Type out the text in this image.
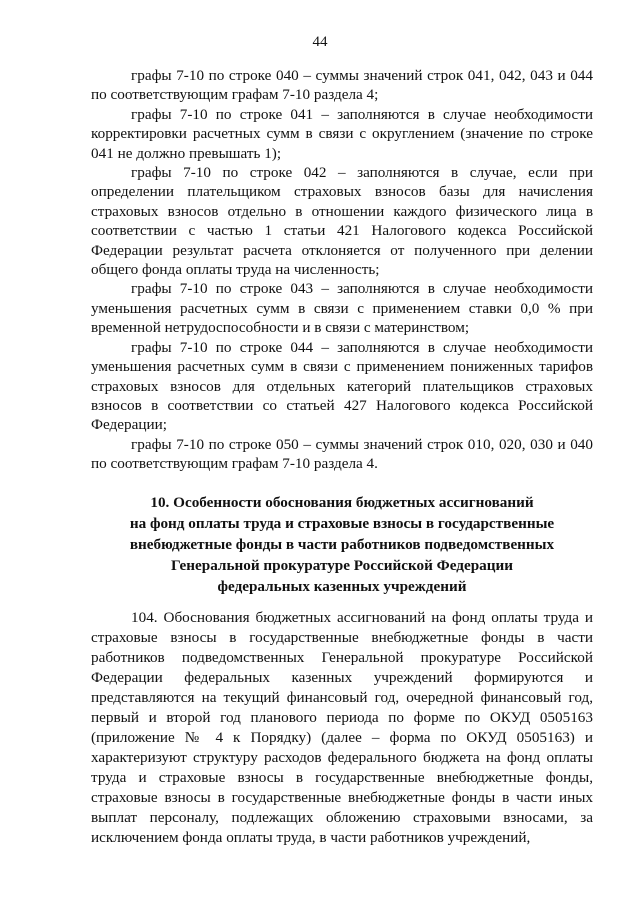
44

графы 7-10 по строке 040 – суммы значений строк 041, 042, 043 и 044 по соответствующим графам 7-10 раздела 4;

графы 7-10 по строке 041 – заполняются в случае необходимости корректировки расчетных сумм в связи с округлением (значение по строке 041 не должно превышать 1);

графы 7-10 по строке 042 – заполняются в случае, если при определении плательщиком страховых взносов базы для начисления страховых взносов отдельно в отношении каждого физического лица в соответствии с частью 1 статьи 421 Налогового кодекса Российской Федерации результат расчета отклоняется от полученного при делении общего фонда оплаты труда на численность;

графы 7-10 по строке 043 – заполняются в случае необходимости уменьшения расчетных сумм в связи с применением ставки 0,0 % при временной нетрудоспособности и в связи с материнством;

графы 7-10 по строке 044 – заполняются в случае необходимости уменьшения расчетных сумм в связи с применением пониженных тарифов страховых взносов для отдельных категорий плательщиков страховых взносов в соответствии со статьей 427 Налогового кодекса Российской Федерации;

графы 7-10 по строке 050 – суммы значений строк 010, 020, 030 и 040 по соответствующим графам 7-10 раздела 4.

10. Особенности обоснования бюджетных ассигнований
на фонд оплаты труда и страховые взносы в государственные
внебюджетные фонды в части работников подведомственных
Генеральной прокуратуре Российской Федерации
федеральных казенных учреждений

104. Обоснования бюджетных ассигнований на фонд оплаты труда и страховые взносы в государственные внебюджетные фонды в части работников подведомственных Генеральной прокуратуре Российской Федерации федеральных казенных учреждений формируются и представляются на текущий финансовый год, очередной финансовый год, первый и второй год планового периода по форме по ОКУД 0505163 (приложение № 4 к Порядку) (далее – форма по ОКУД 0505163) и характеризуют структуру расходов федерального бюджета на фонд оплаты труда и страховые взносы в государственные внебюджетные фонды, страховые взносы в государственные внебюджетные фонды в части иных выплат персоналу, подлежащих обложению страховыми взносами, за исключением фонда оплаты труда, в части работников учреждений,
